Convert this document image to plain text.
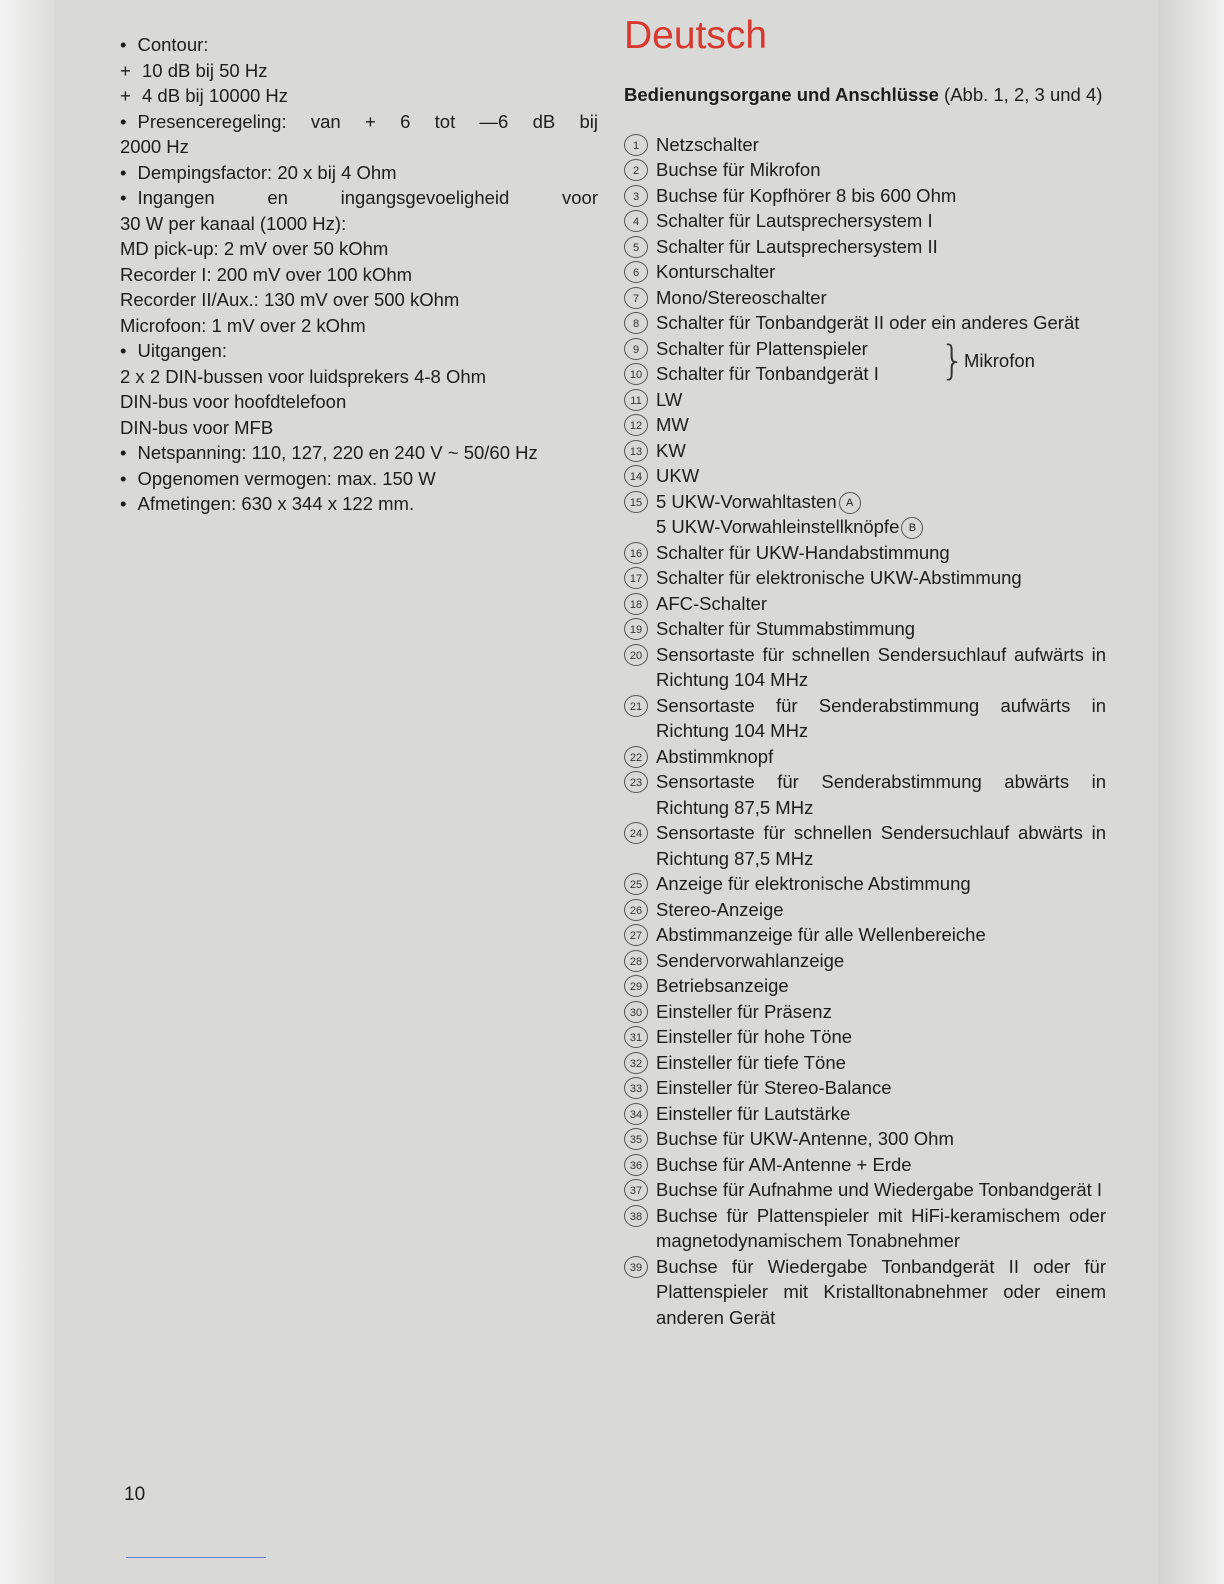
• Contour:
+ 10 dB bij 50 Hz
+ 4 dB bij 10000 Hz
• Presenceregeling: van + 6 tot —6 dB bij
2000 Hz
• Dempingsfactor: 20 x bij 4 Ohm
• Ingangen en ingangsgevoeligheid voor
30 W per kanaal (1000 Hz):
MD pick-up: 2 mV over 50 kOhm
Recorder I: 200 mV over 100 kOhm
Recorder II/Aux.: 130 mV over 500 kOhm
Microfoon: 1 mV over 2 kOhm
• Uitgangen:
2 x 2 DIN-bussen voor luidsprekers 4-8 Ohm
DIN-bus voor hoofdtelefoon
DIN-bus voor MFB
• Netspanning: 110, 127, 220 en 240 V ~ 50/60 Hz
• Opgenomen vermogen: max. 150 W
• Afmetingen: 630 x 344 x 122 mm.
Deutsch
Bedienungsorgane und Anschlüsse (Abb. 1, 2, 3 und 4)
1 Netzschalter
2 Buchse für Mikrofon
3 Buchse für Kopfhörer 8 bis 600 Ohm
4 Schalter für Lautsprechersystem I
5 Schalter für Lautsprechersystem II
6 Konturschalter
7 Mono/Stereoschalter
8 Schalter für Tonbandgerät II oder ein anderes Gerät
9 Schalter für Plattenspieler
10 Schalter für Tonbandgerät I	}
Mikrofon
11 LW
12 MW
13 KW
14 UKW
15 5 UKW-Vorwahltasten A
5 UKW-Vorwahleinstellknöpfe B
16 Schalter für UKW-Handabstimmung
17 Schalter für elektronische UKW-Abstimmung
18 AFC-Schalter
19 Schalter für Stummabstimmung
20 Sensortaste für schnellen Sendersuchlauf aufwärts in Richtung 104 MHz
21 Sensortaste für Senderabstimmung aufwärts in Richtung 104 MHz
22 Abstimmknopf
23 Sensortaste für Senderabstimmung abwärts in Richtung 87,5 MHz
24 Sensortaste für schnellen Sendersuchlauf abwärts in Richtung 87,5 MHz
25 Anzeige für elektronische Abstimmung
26 Stereo-Anzeige
27 Abstimmanzeige für alle Wellenbereiche
28 Sendervorwahlanzeige
29 Betriebsanzeige
30 Einsteller für Präsenz
31 Einsteller für hohe Töne
32 Einsteller für tiefe Töne
33 Einsteller für Stereo-Balance
34 Einsteller für Lautstärke
35 Buchse für UKW-Antenne, 300 Ohm
36 Buchse für AM-Antenne + Erde
37 Buchse für Aufnahme und Wiedergabe Tonbandgerät I
38 Buchse für Plattenspieler mit HiFi-keramischem oder magnetodynamischem Tonabnehmer
39 Buchse für Wiedergabe Tonbandgerät II oder für Plattenspieler mit Kristalltonabnehmer oder einem anderen Gerät
10
